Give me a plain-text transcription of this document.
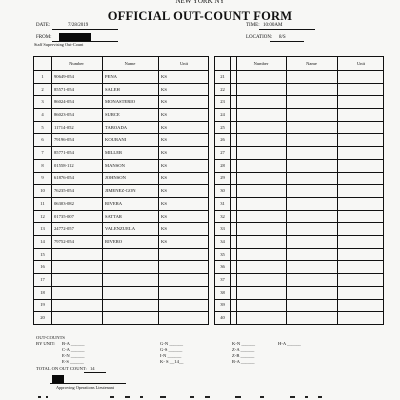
NEW YORK NY
OFFICIAL OUT-COUNT FORM
DATE:	7/28/2019	TIME: 10:00AM
FROM:
Staff Supervising Out-Count
LOCATION: 8/S
Number	Name	Unit
1	90649-054	PENA	KS
2	85571-054	SALEH	KS
3	86024-054	MONASTERIO	KS
4	86023-054	SURCE	KS
5	11714-052	TABOADA	KS
6	79196-054	KOURANI	KS
7	85771-054	MILLER	KS
8	01558-112	MANSON	KS
9	61876-054	JOHNSON	KS
10	76235-054	JIMENEZ-GON	KS
11	06303-082	RIVERA	KS
12	01735-007	SATTAR	KS
13	24772-057	VALENZUELA	KS
14	79752-054	RIVERO	KS
15
16
17
18
19
20
Number	Name	Unit
21
22
23
24
25
26
27
28
29
30
31
32
33
34
35
36
37
38
39
40
OUT-COUNTS
BY UNIT: B-A ______
C-A ______
E-N ______
E-S ______
G-N ______
G-S ______
I-N ______
K- S __14__
K-N ______
Z-A ______
Z-B ______
R-A ______
H-A ______
TOTAL ON OUT COUNT: 14
Approving Operations Lieutenant
